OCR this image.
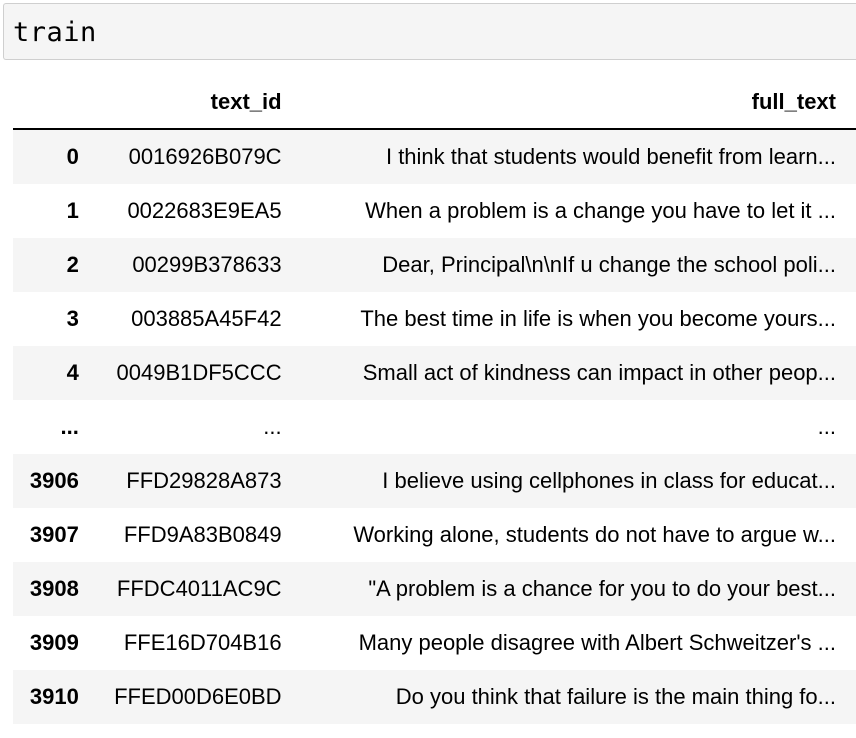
train
	text_id	full_text
0	0016926B079C	I think that students would benefit from learn...
1	0022683E9EA5	When a problem is a change you have to let it ...
2	00299B378633	Dear, Principal\n\nIf u change the school poli...
3	003885A45F42	The best time in life is when you become yours...
4	0049B1DF5CCC	Small act of kindness can impact in other peop...
...	...	...
3906	FFD29828A873	I believe using cellphones in class for educat...
3907	FFD9A83B0849	Working alone, students do not have to argue w...
3908	FFDC4011AC9C	"A problem is a chance for you to do your best...
3909	FFE16D704B16	Many people disagree with Albert Schweitzer's ...
3910	FFED00D6E0BD	Do you think that failure is the main thing fo...
